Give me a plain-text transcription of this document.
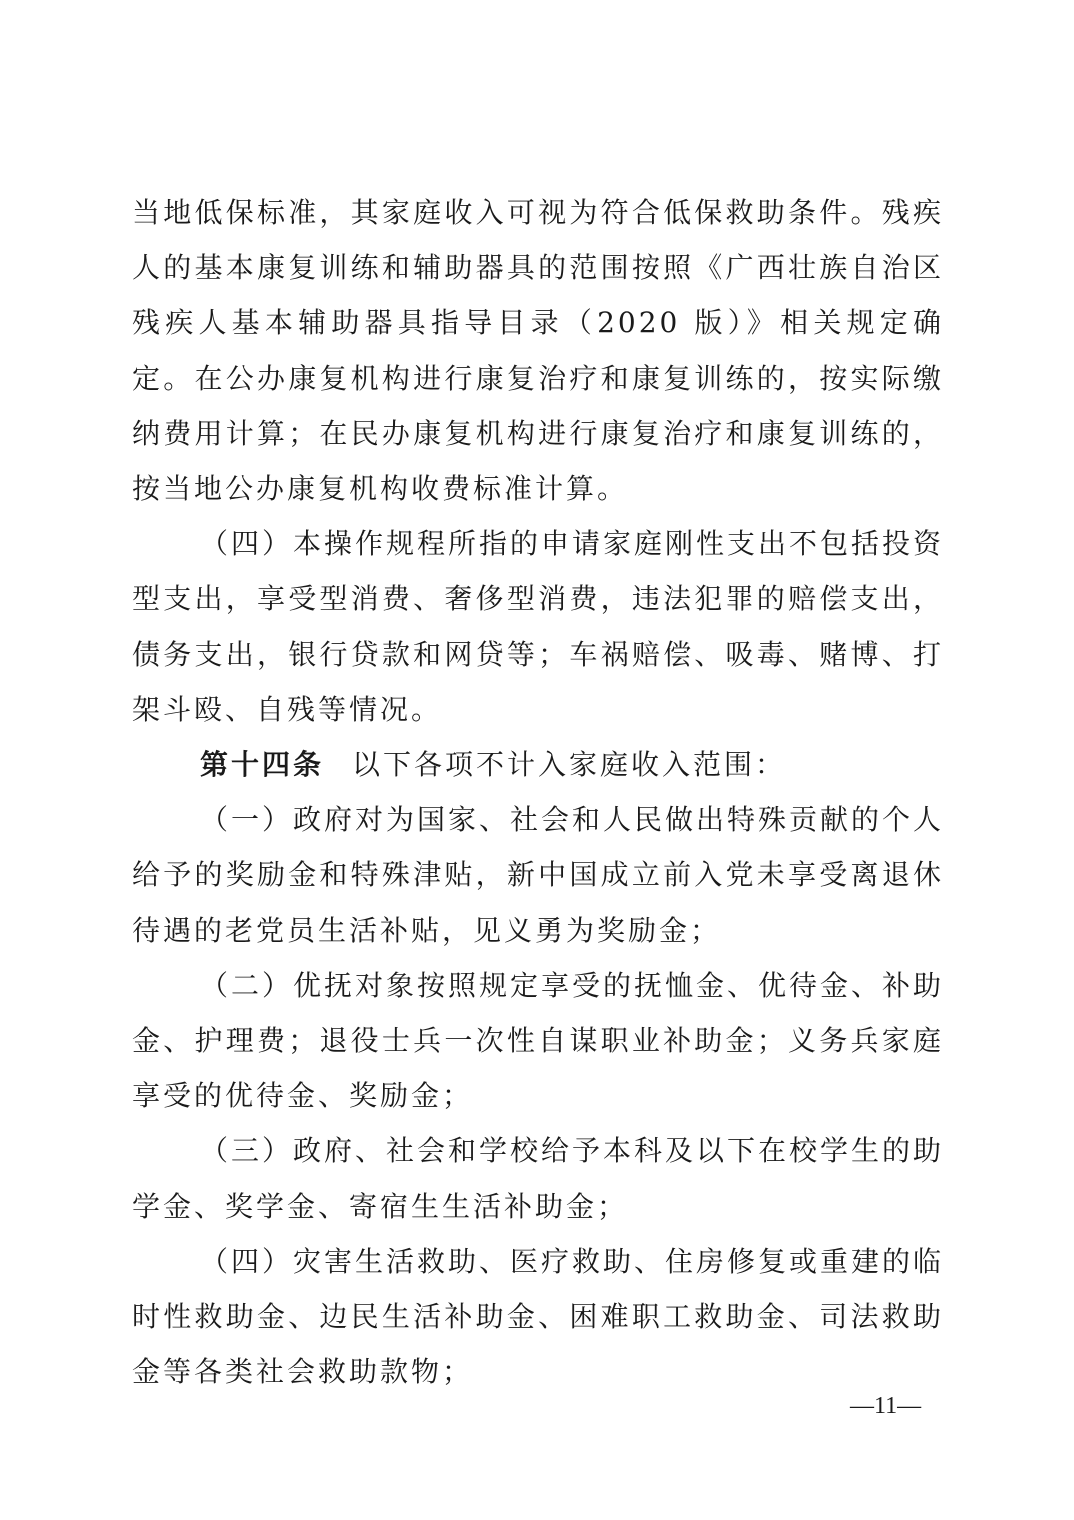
当地低保标准，其家庭收入可视为符合低保救助条件。残疾人的基本康复训练和辅助器具的范围按照《广西壮族自治区残疾人基本辅助器具指导目录（2020 版）》相关规定确定。在公办康复机构进行康复治疗和康复训练的，按实际缴纳费用计算；在民办康复机构进行康复治疗和康复训练的，按当地公办康复机构收费标准计算。

（四）本操作规程所指的申请家庭刚性支出不包括投资型支出，享受型消费、奢侈型消费，违法犯罪的赔偿支出，债务支出，银行贷款和网贷等；车祸赔偿、吸毒、赌博、打架斗殴、自残等情况。

第十四条 以下各项不计入家庭收入范围：

（一）政府对为国家、社会和人民做出特殊贡献的个人给予的奖励金和特殊津贴，新中国成立前入党未享受离退休待遇的老党员生活补贴，见义勇为奖励金；

（二）优抚对象按照规定享受的抚恤金、优待金、补助金、护理费；退役士兵一次性自谋职业补助金；义务兵家庭享受的优待金、奖励金；

（三）政府、社会和学校给予本科及以下在校学生的助学金、奖学金、寄宿生生活补助金；

（四）灾害生活救助、医疗救助、住房修复或重建的临时性救助金、边民生活补助金、困难职工救助金、司法救助金等各类社会救助款物；

—11—
